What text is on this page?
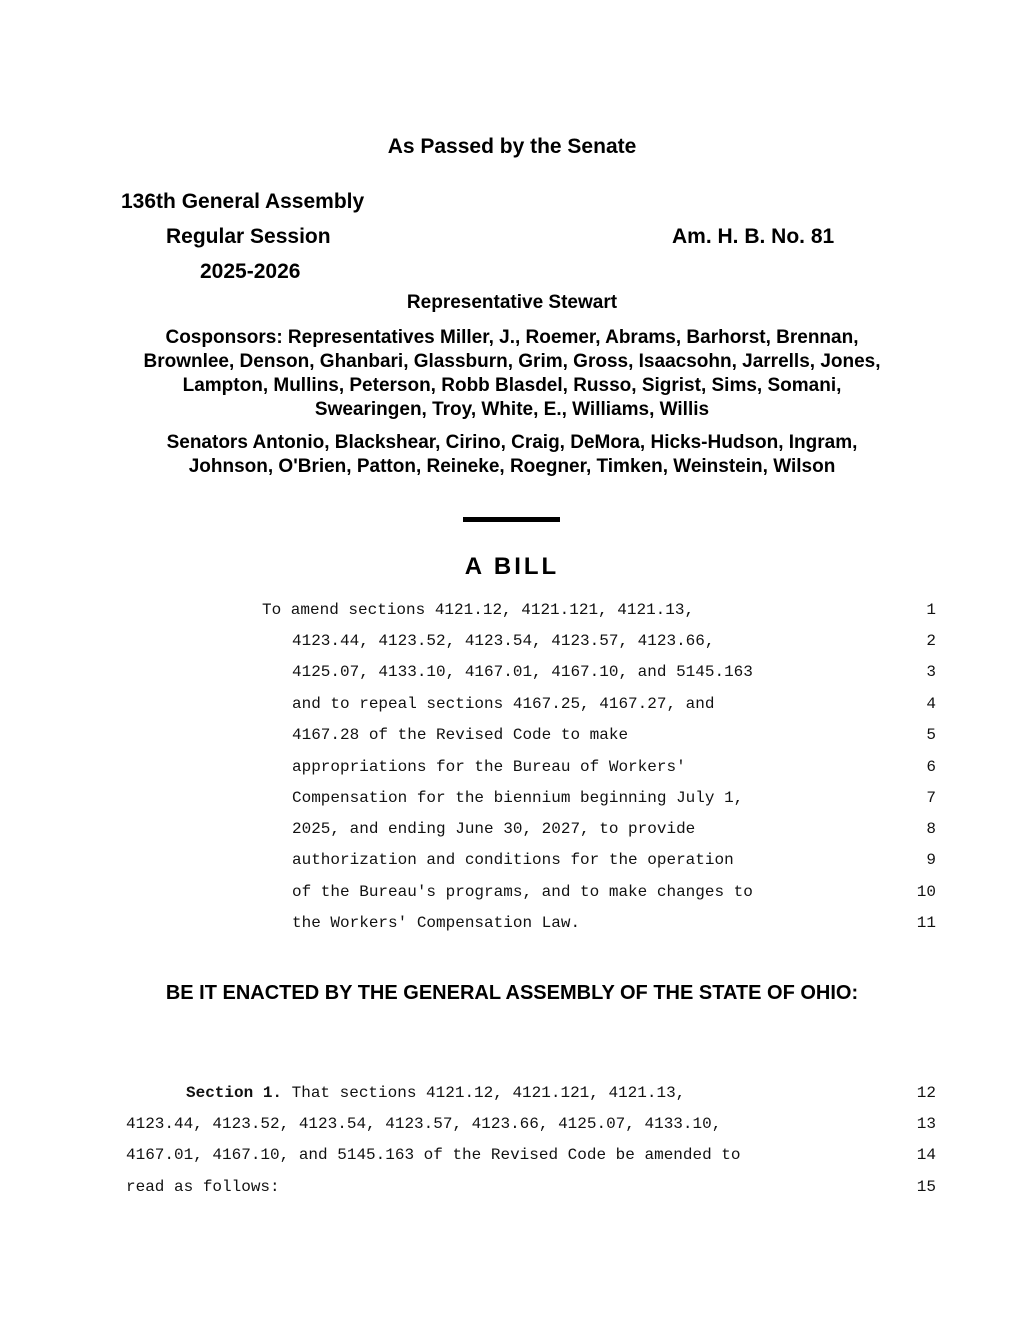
As Passed by the Senate
136th General Assembly
Regular Session
2025-2026
Am. H. B. No. 81
Representative Stewart
Cosponsors: Representatives Miller, J., Roemer, Abrams, Barhorst, Brennan,
Brownlee, Denson, Ghanbari, Glassburn, Grim, Gross, Isaacsohn, Jarrells, Jones,
Lampton, Mullins, Peterson, Robb Blasdel, Russo, Sigrist, Sims, Somani,
Swearingen, Troy, White, E., Williams, Willis
Senators Antonio, Blackshear, Cirino, Craig, DeMora, Hicks-Hudson, Ingram,
Johnson, O'Brien, Patton, Reineke, Roegner, Timken, Weinstein, Wilson
A BILL
To amend sections 4121.12, 4121.121, 4121.13,	1
4123.44, 4123.52, 4123.54, 4123.57, 4123.66,	2
4125.07, 4133.10, 4167.01, 4167.10, and 5145.163	3
and to repeal sections 4167.25, 4167.27, and	4
4167.28 of the Revised Code to make	5
appropriations for the Bureau of Workers'	6
Compensation for the biennium beginning July 1,	7
2025, and ending June 30, 2027, to provide	8
authorization and conditions for the operation	9
of the Bureau's programs, and to make changes to	10
the Workers' Compensation Law.	11
BE IT ENACTED BY THE GENERAL ASSEMBLY OF THE STATE OF OHIO:
Section 1. That sections 4121.12, 4121.121, 4121.13,	12
4123.44, 4123.52, 4123.54, 4123.57, 4123.66, 4125.07, 4133.10,	13
4167.01, 4167.10, and 5145.163 of the Revised Code be amended to	14
read as follows:	15
